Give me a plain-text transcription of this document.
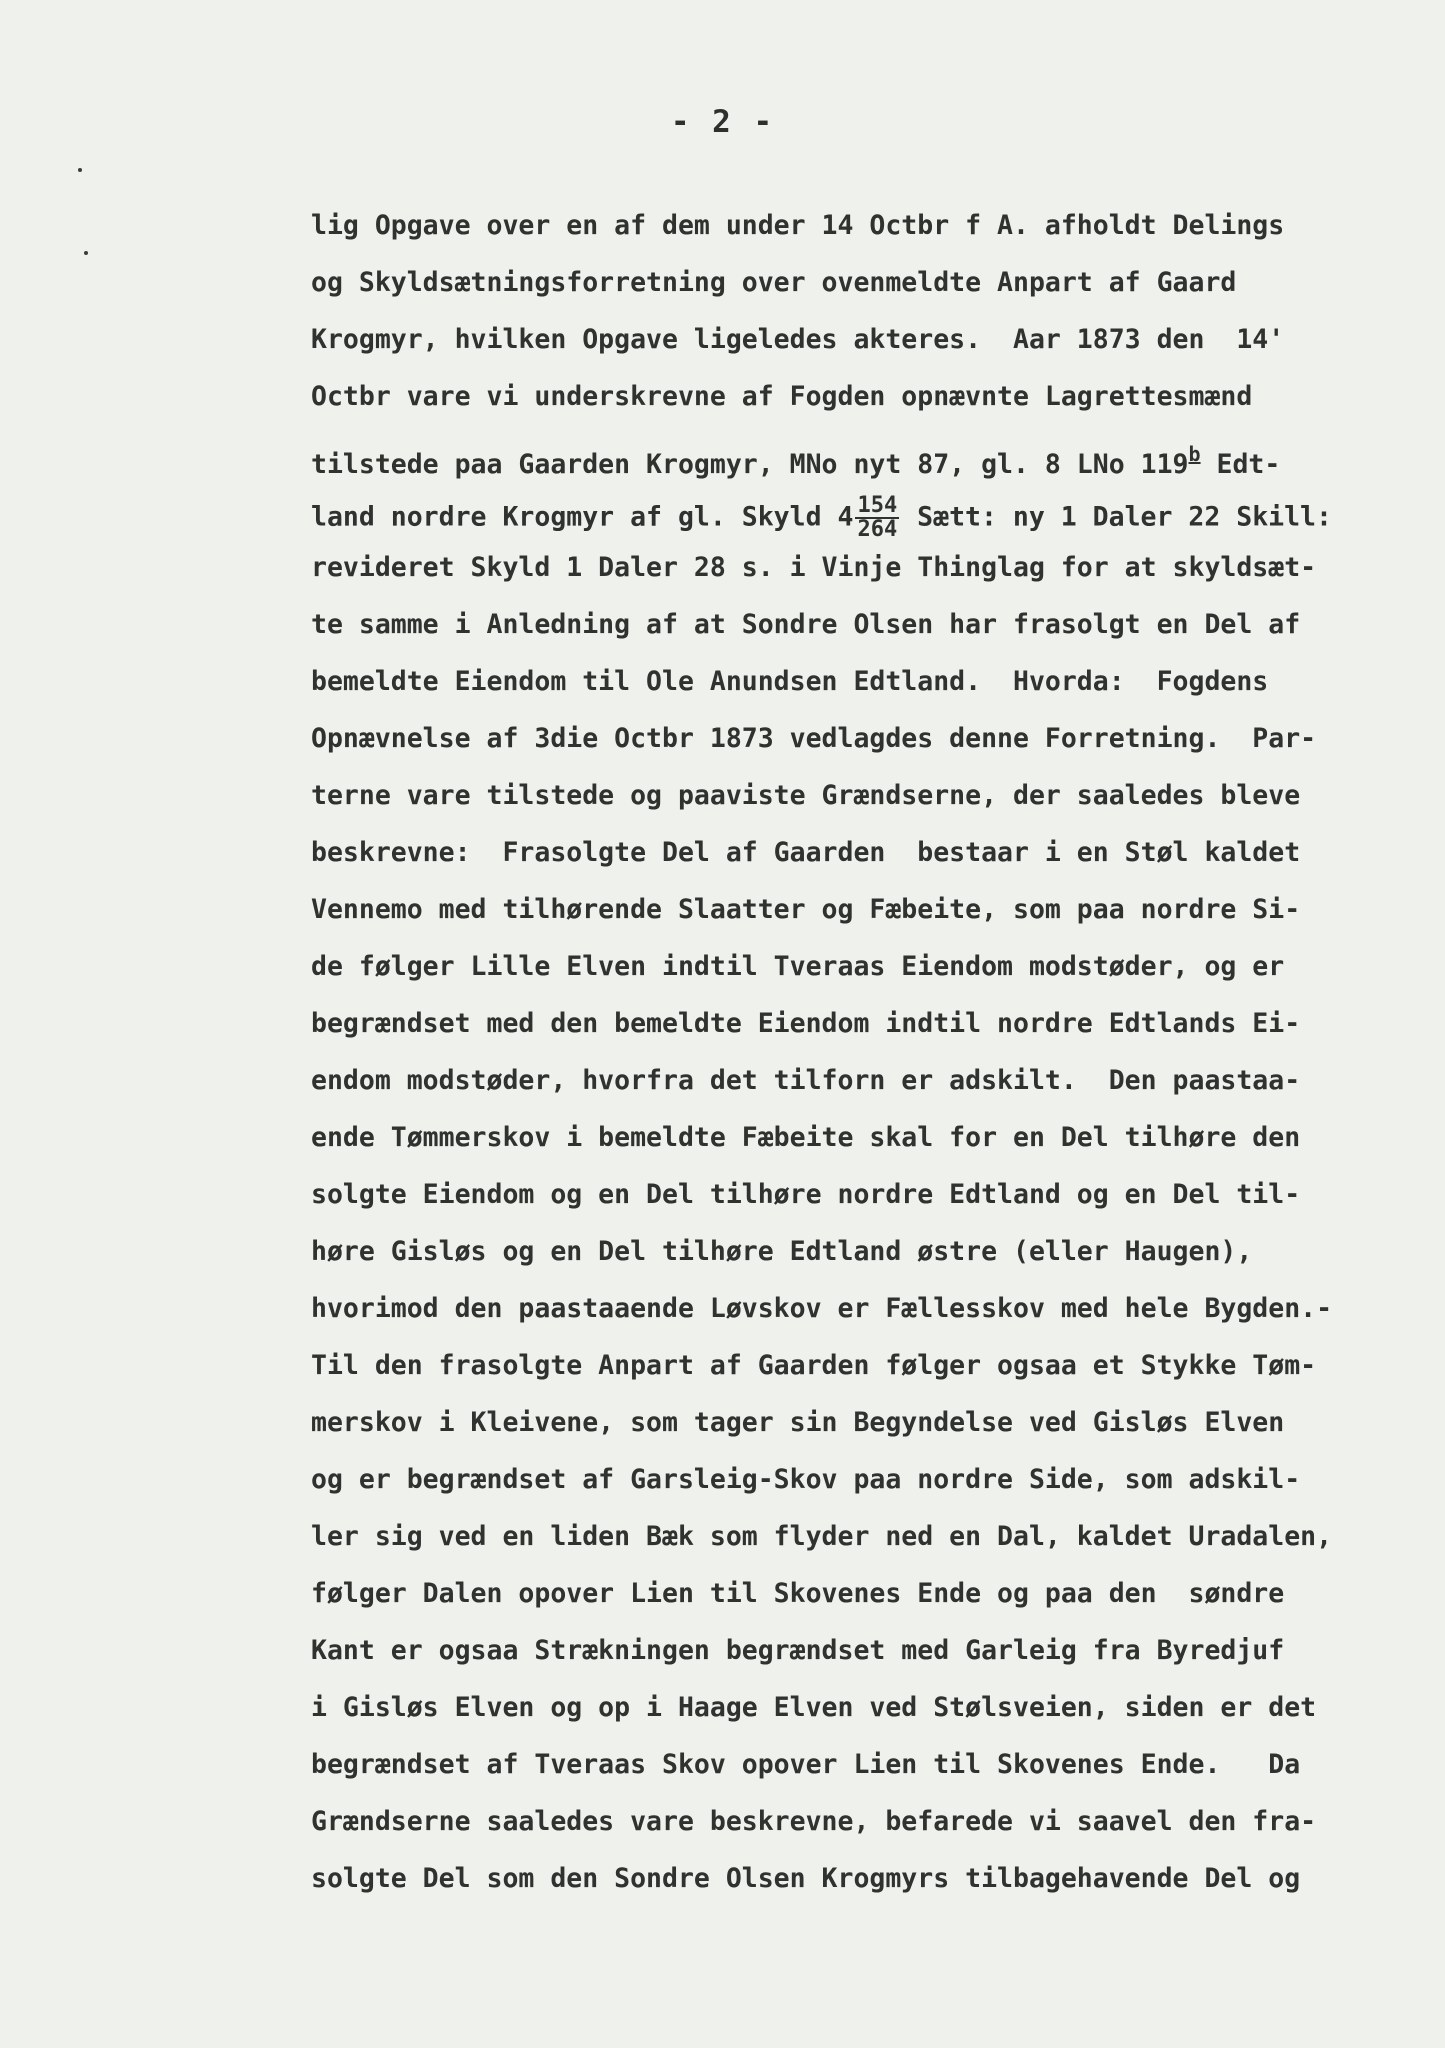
- 2 -
lig Opgave over en af dem under 14 Octbr f A. afholdt Delings
og Skyldsætningsforretning over ovenmeldte Anpart af Gaard
Krogmyr, hvilken Opgave ligeledes akteres.  Aar 1873 den  14'
Octbr vare vi underskrevne af Fogden opnævnte Lagrettesmænd
tilstede paa Gaarden Krogmyr, MNo nyt 87, gl. 8 LNo 119$^b$ Edt-
land nordre Krogmyr af gl. Skyld $4 \frac{154}{264}$ Sætt: ny 1 Daler 22 Skill:
revideret Skyld 1 Daler 28 s. i Vinje Thinglag for at skyldsæt-
te samme i Anledning af at Sondre Olsen har frasolgt en Del af
bemeldte Eiendom til Ole Anundsen Edtland.  Hvorda:  Fogdens
Opnævnelse af 3die Octbr 1873 vedlagdes denne Forretning.  Par-
terne vare tilstede og paaviste Grændserne, der saaledes bleve
beskrevne:  Frasolgte Del af Gaarden  bestaar i en Støl kaldet
Vennemo med tilhørende Slaatter og Fæbeite, som paa nordre Si-
de følger Lille Elven indtil Tveraas Eiendom modstøder, og er
begrændset med den bemeldte Eiendom indtil nordre Edtlands Ei-
endom modstøder, hvorfra det tilforn er adskilt.  Den paastaa-
ende Tømmerskov i bemeldte Fæbeite skal for en Del tilhøre den
solgte Eiendom og en Del tilhøre nordre Edtland og en Del til-
høre Gisløs og en Del tilhøre Edtland østre (eller Haugen),
hvorimod den paastaaende Løvskov er Fællesskov med hele Bygden.-
Til den frasolgte Anpart af Gaarden følger ogsaa et Stykke Tøm-
merskov i Kleivene, som tager sin Begyndelse ved Gisløs Elven
og er begrændset af Garsleig-Skov paa nordre Side, som adskil-
ler sig ved en liden Bæk som flyder ned en Dal, kaldet Uradalen,
følger Dalen opover Lien til Skovenes Ende og paa den  søndre
Kant er ogsaa Strækningen begrændset med Garleig fra Byredjuf
i Gisløs Elven og op i Haage Elven ved Stølsveien, siden er det
begrændset af Tveraas Skov opover Lien til Skovenes Ende.   Da
Grændserne saaledes vare beskrevne, befarede vi saavel den fra-
solgte Del som den Sondre Olsen Krogmyrs tilbagehavende Del og
